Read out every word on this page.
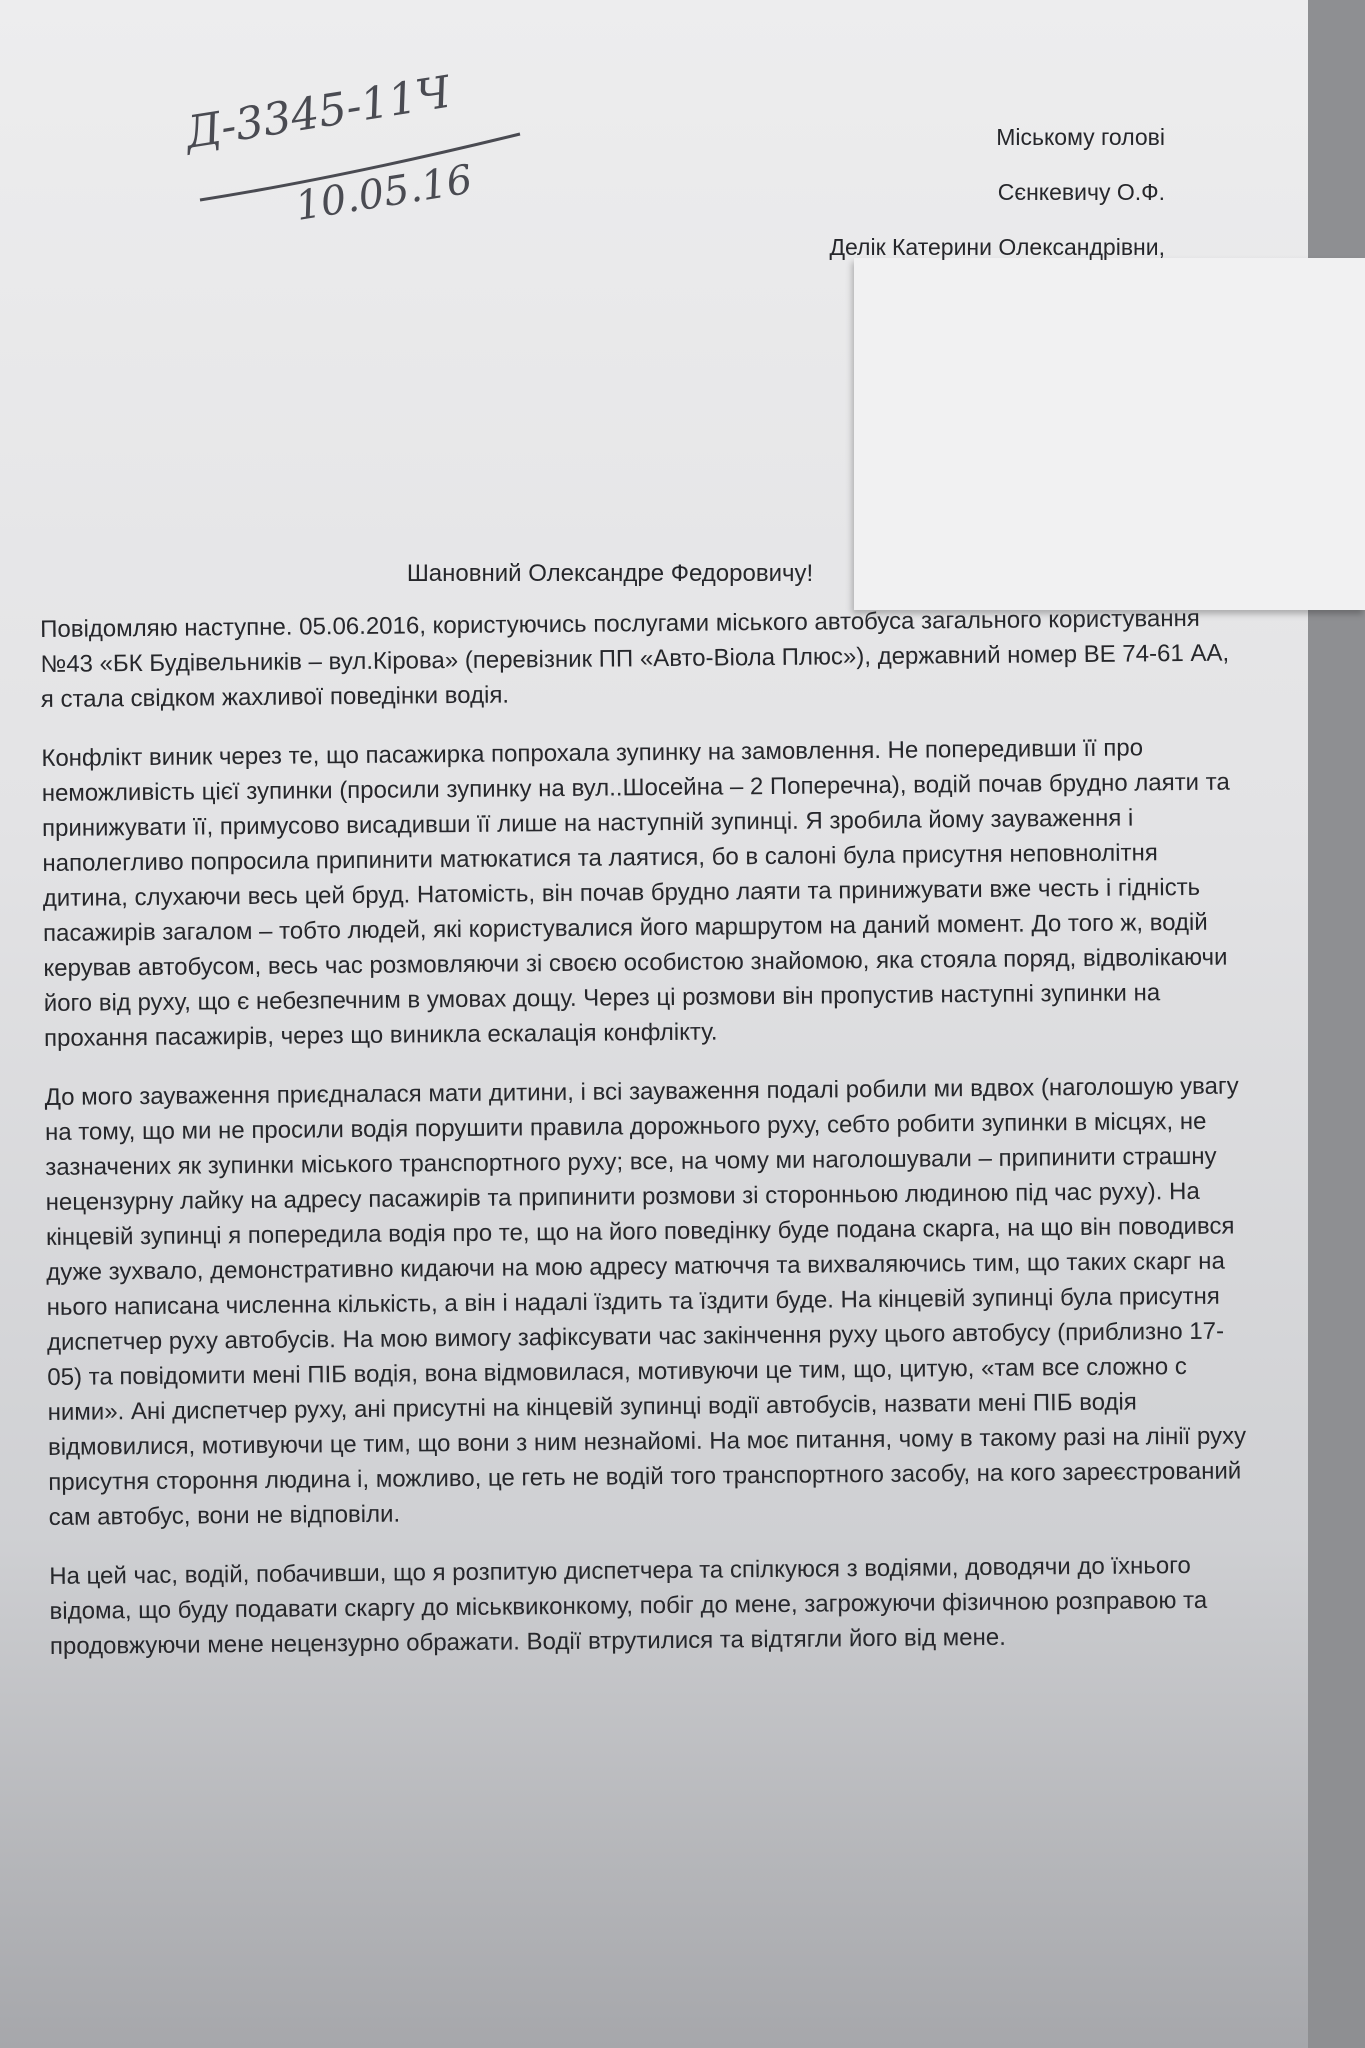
Д-3345-11Ч
10.05.16
Міському голові
Сєнкевичу О.Ф.
Делік Катерини Олександрівни,
Шановний Олександре Федоровичу!

Повідомляю наступне. 05.06.2016, користуючись послугами міського автобуса загального користування №43 «БК Будівельників – вул.Кірова» (перевізник ПП «Авто-Віола Плюс»), державний номер ВЕ 74-61 АА, я стала свідком жахливої поведінки водія.

Конфлікт виник через те, що пасажирка попрохала зупинку на замовлення. Не попередивши її про неможливість цієї зупинки (просили зупинку на вул..Шосейна – 2 Поперечна), водій почав брудно лаяти та принижувати її, примусово висадивши її лише на наступній зупинці. Я зробила йому зауваження і наполегливо попросила припинити матюкатися та лаятися, бо в салоні була присутня неповнолітня дитина, слухаючи весь цей бруд. Натомість, він почав брудно лаяти та принижувати вже честь і гідність пасажирів загалом – тобто людей, які користувалися його маршрутом на даний момент. До того ж, водій керував автобусом, весь час розмовляючи зі своєю особистою знайомою, яка стояла поряд, відволікаючи його від руху, що є небезпечним в умовах дощу. Через ці розмови він пропустив наступні зупинки на прохання пасажирів, через що виникла ескалація конфлікту.

До мого зауваження приєдналася мати дитини, і всі зауваження подалі робили ми вдвох (наголошую увагу на тому, що ми не просили водія порушити правила дорожнього руху, себто робити зупинки в місцях, не зазначених як зупинки міського транспортного руху; все, на чому ми наголошували – припинити страшну нецензурну лайку на адресу пасажирів та припинити розмови зі сторонньою людиною під час руху). На кінцевій зупинці я попередила водія про те, що на його поведінку буде подана скарга, на що він поводився дуже зухвало, демонстративно кидаючи на мою адресу матюччя та вихваляючись тим, що таких скарг на нього написана численна кількість, а він і надалі їздить та їздити буде. На кінцевій зупинці була присутня диспетчер руху автобусів. На мою вимогу зафіксувати час закінчення руху цього автобусу (приблизно 17-05) та повідомити мені ПІБ водія, вона відмовилася, мотивуючи це тим, що, цитую, «там все сложно с ними». Ані диспетчер руху, ані присутні на кінцевій зупинці водії автобусів, назвати мені ПІБ водія відмовилися, мотивуючи це тим, що вони з ним незнайомі. На моє питання, чому в такому разі на лінії руху присутня стороння людина і, можливо, це геть не водій того транспортного засобу, на кого зареєстрований сам автобус, вони не відповіли.

На цей час, водій, побачивши, що я розпитую диспетчера та спілкуюся з водіями, доводячи до їхнього відома, що буду подавати скаргу до міськвиконкому, побіг до мене, загрожуючи фізичною розправою та продовжуючи мене нецензурно ображати. Водії втрутилися та відтягли його від мене.
